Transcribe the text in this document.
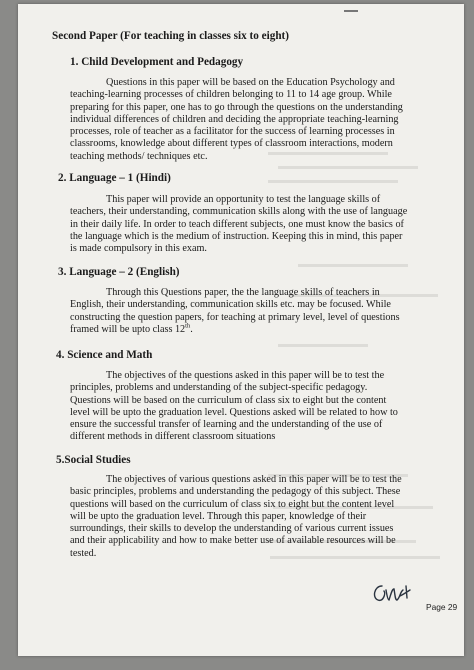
Second Paper (For teaching in classes six to eight)
1. Child Development and Pedagogy
Questions in this paper will be based on the Education Psychology and
teaching-learning processes of children belonging to 11 to 14 age group. While
preparing for this paper, one has to go through the questions on the understanding
individual differences of children and deciding the appropriate teaching-learning
processes, role of teacher as a facilitator for the success of learning processes in
classrooms, knowledge about different types of classroom interactions, modern
teaching methods/ techniques etc.
2. Language – 1 (Hindi)
This paper will provide an opportunity to test the language skills of
teachers, their understanding, communication skills along with the use of language
in their daily life. In order to teach different subjects, one must know the basics of
the language which is the medium of instruction. Keeping this in mind, this paper
is made compulsory in this exam.
3. Language – 2 (English)
Through this Questions paper, the the language skills of teachers in
English, their understanding, communication skills etc. may be focused. While
constructing the question papers, for teaching at primary level, level of questions
framed will be upto class 12th.
4. Science and Math
The objectives of the questions asked in this paper will be to test the
principles, problems and understanding of the subject-specific pedagogy.
Questions will be based on the curriculum of class six to eight but the content
level will be upto the graduation level. Questions asked will be related to how to
ensure the successful transfer of learning and the understanding of the use of
different methods in different classroom situations
5.Social Studies
The objectives of various questions asked in this paper will be to test the
basic principles, problems and understanding the pedagogy of this subject. These
questions will based on the curriculum of class six to eight but the content level
will be upto the graduation level. Through this paper, knowledge of their
surroundings, their skills to develop the understanding of various current issues
and their applicability and how to make better use of available resources will be
tested.
Page 29
